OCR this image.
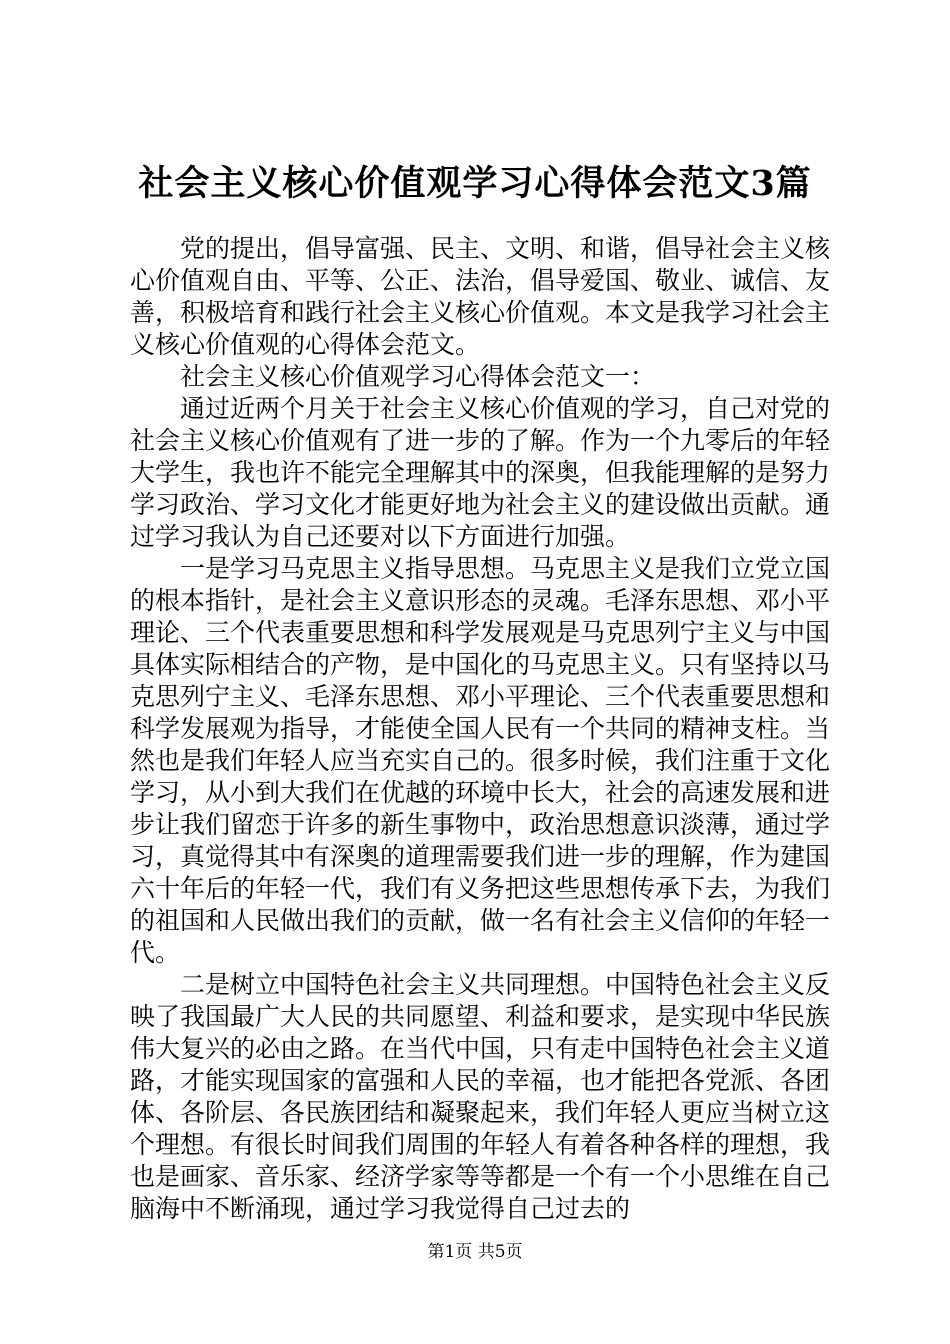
社会主义核心价值观学习心得体会范文3篇

党的提出，倡导富强、民主、文明、和谐，倡导社会主义核心价值观自由、平等、公正、法治，倡导爱国、敬业、诚信、友善，积极培育和践行社会主义核心价值观。本文是我学习社会主义核心价值观的心得体会范文。

社会主义核心价值观学习心得体会范文一：

通过近两个月关于社会主义核心价值观的学习，自己对党的社会主义核心价值观有了进一步的了解。作为一个九零后的年轻大学生，我也许不能完全理解其中的深奥，但我能理解的是努力学习政治、学习文化才能更好地为社会主义的建设做出贡献。通过学习我认为自己还要对以下方面进行加强。

一是学习马克思主义指导思想。马克思主义是我们立党立国的根本指针，是社会主义意识形态的灵魂。毛泽东思想、邓小平理论、三个代表重要思想和科学发展观是马克思列宁主义与中国具体实际相结合的产物，是中国化的马克思主义。只有坚持以马克思列宁主义、毛泽东思想、邓小平理论、三个代表重要思想和科学发展观为指导，才能使全国人民有一个共同的精神支柱。当然也是我们年轻人应当充实自己的。很多时候，我们注重于文化学习，从小到大我们在优越的环境中长大，社会的高速发展和进步让我们留恋于许多的新生事物中，政治思想意识淡薄，通过学习，真觉得其中有深奥的道理需要我们进一步的理解，作为建国六十年后的年轻一代，我们有义务把这些思想传承下去，为我们的祖国和人民做出我们的贡献，做一名有社会主义信仰的年轻一代。

二是树立中国特色社会主义共同理想。中国特色社会主义反映了我国最广大人民的共同愿望、利益和要求，是实现中华民族伟大复兴的必由之路。在当代中国，只有走中国特色社会主义道路，才能实现国家的富强和人民的幸福，也才能把各党派、各团体、各阶层、各民族团结和凝聚起来，我们年轻人更应当树立这个理想。有很长时间我们周围的年轻人有着各种各样的理想，我也是画家、音乐家、经济学家等等都是一个有一个小思维在自己脑海中不断涌现，通过学习我觉得自己过去的

第1页 共5页
